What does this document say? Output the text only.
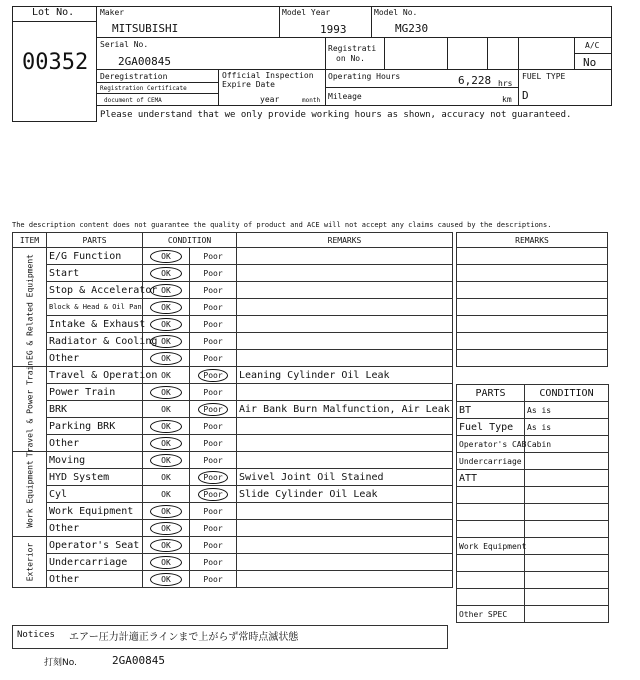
Lot No.
00352
Maker
MITSUBISHI
Model Year
1993
Model No.
MG230
Serial No.
2GA00845
Registrati
on No.
A/C
No
Deregistration
Registration Certificate
document of CEMA
Official Inspection
Expire Date
year	month
Operating Hours	6,228 hrs
Mileage	km
FUEL TYPE
D
Please understand that we only provide working hours as shown, accuracy not guaranteed.
The description content does not guarantee the quality of product and ACE will not accept any claims caused by the descriptions.
ITEM	PARTS	CONDITION		REMARKS

EG & Related Equipment	E/G Function	OK	Poor	
	Start	OK	Poor	
	Stop & Accelerator	OK	Poor	
	Block & Head & Oil Pan	OK	Poor	
	Intake & Exhaust	OK	Poor	
	Radiator & Cooling	OK	Poor	
	Other	OK	Poor	

Travel & Power Train	Travel & Operation	OK	Poor	Leaning Cylinder Oil Leak
	Power Train	OK	Poor	
	BRK	OK	Poor	Air Bank Burn Malfunction, Air Leak
	Parking BRK	OK	Poor	
	Other	OK	Poor	

Work Equipment	Moving	OK	Poor	
	HYD System	OK	Poor	Swivel Joint Oil Stained
	Cyl	OK	Poor	Slide Cylinder Oil Leak
	Work Equipment	OK	Poor	
	Other	OK	Poor	

Exterior	Operator's Seat	OK	Poor	
	Undercarriage	OK	Poor	
	Other	OK	Poor	
REMARKS

PARTS	CONDITION
BT	As is
Fuel Type	As is
Operator's CAB	Cabin
Undercarriage	
ATT	

Work Equipment	

Other SPEC	
Notices エアー圧力計適正ラインまで上がらず常時点滅状態
打刻No.	2GA00845
